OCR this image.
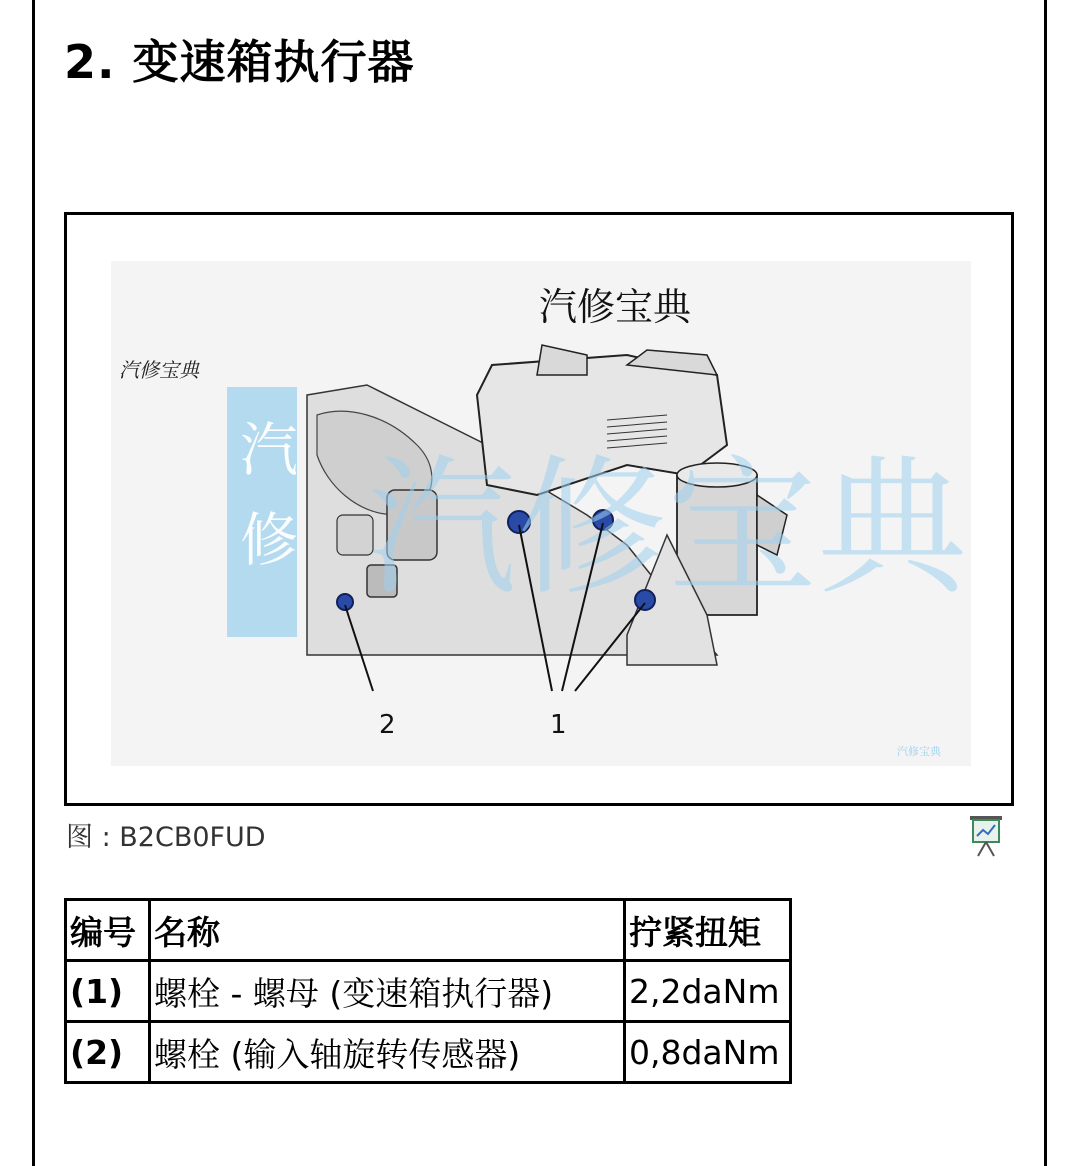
2. 变速箱执行器
汽
修 汽修宝典
汽修宝典
汽修宝典
2	1
汽修宝典
图 : B2CB0FUD
编号	名称	拧紧扭矩
(1)	螺栓 - 螺母 (变速箱执行器)	2,2daNm
(2)	螺栓 (输入轴旋转传感器)	0,8daNm
